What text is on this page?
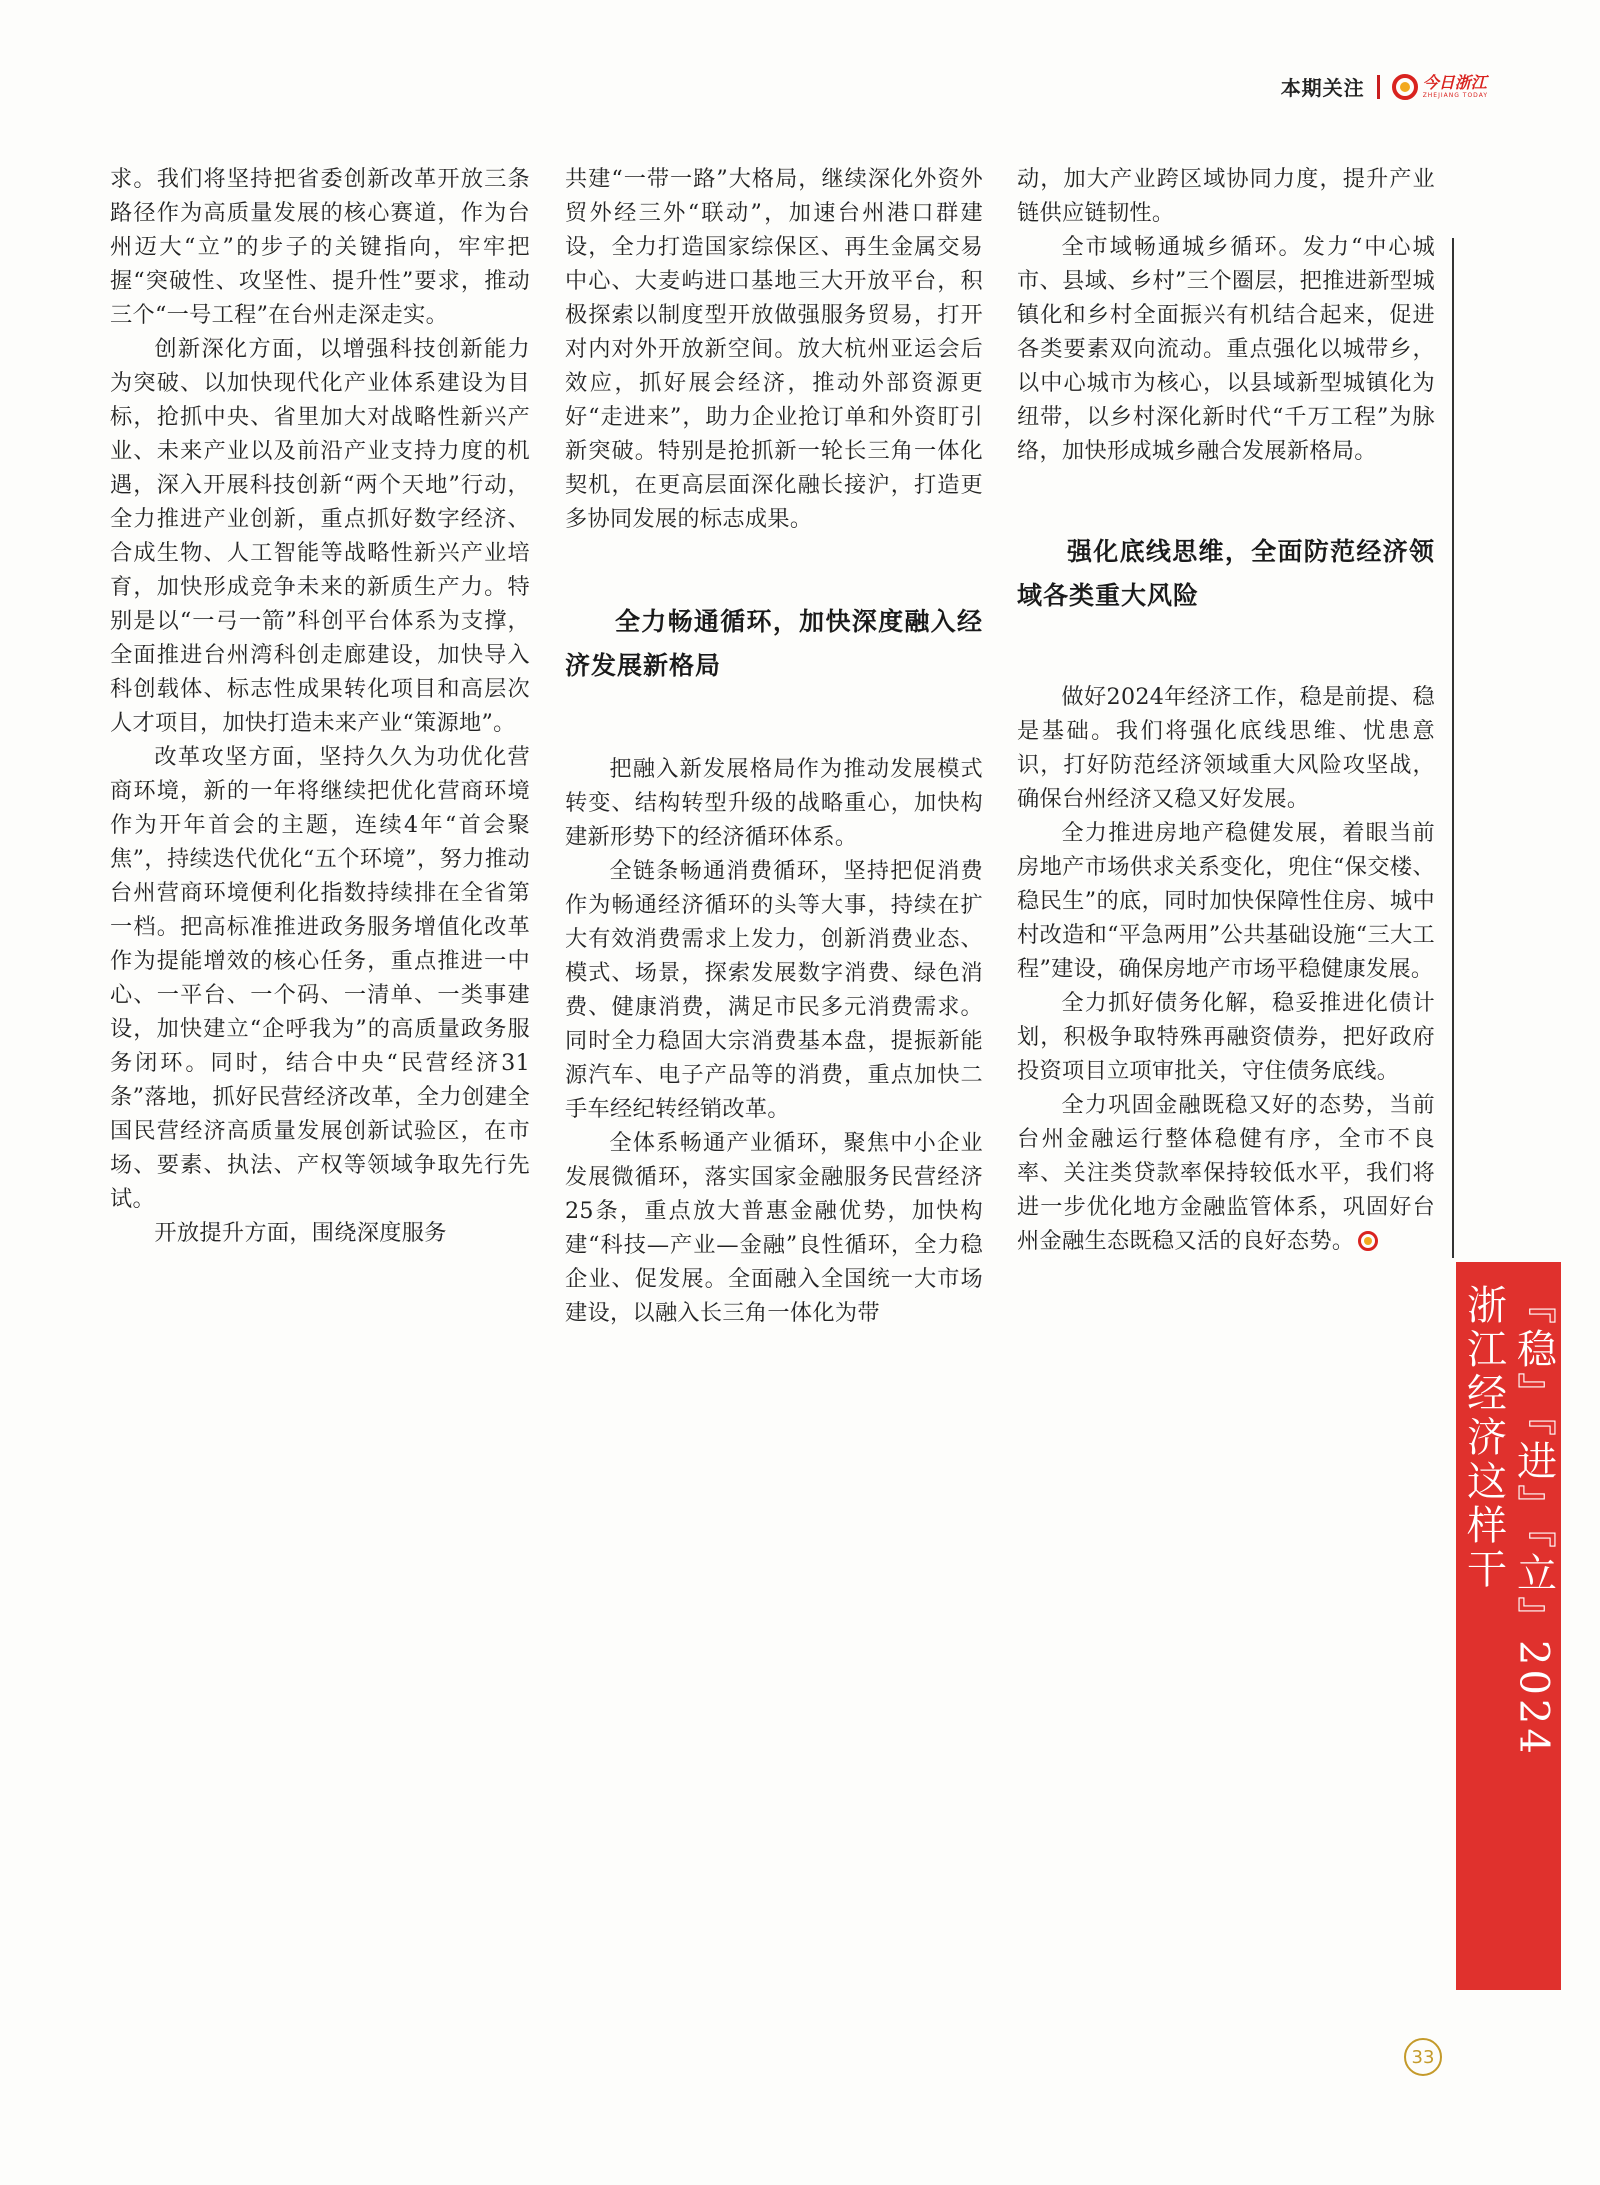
本期关注	今日浙江
ZHEJIANG TODAY

求。我们将坚持把省委创新改革开放三条路径作为高质量发展的核心赛道，作为台州迈大“立”的步子的关键指向，牢牢把握“突破性、攻坚性、提升性”要求，推动三个“一号工程”在台州走深走实。

创新深化方面，以增强科技创新能力为突破、以加快现代化产业体系建设为目标，抢抓中央、省里加大对战略性新兴产业、未来产业以及前沿产业支持力度的机遇，深入开展科技创新“两个天地”行动，全力推进产业创新，重点抓好数字经济、合成生物、人工智能等战略性新兴产业培育，加快形成竞争未来的新质生产力。特别是以“一弓一箭”科创平台体系为支撑，全面推进台州湾科创走廊建设，加快导入科创载体、标志性成果转化项目和高层次人才项目，加快打造未来产业“策源地”。

改革攻坚方面，坚持久久为功优化营商环境，新的一年将继续把优化营商环境作为开年首会的主题，连续4年“首会聚焦”，持续迭代优化“五个环境”，努力推动台州营商环境便利化指数持续排在全省第一档。把高标准推进政务服务增值化改革作为提能增效的核心任务，重点推进一中心、一平台、一个码、一清单、一类事建设，加快建立“企呼我为”的高质量政务服务闭环。同时，结合中央“民营经济31条”落地，抓好民营经济改革，全力创建全国民营经济高质量发展创新试验区，在市场、要素、执法、产权等领域争取先行先试。

开放提升方面，围绕深度服务

共建“一带一路”大格局，继续深化外资外贸外经三外“联动”，加速台州港口群建设，全力打造国家综保区、再生金属交易中心、大麦屿进口基地三大开放平台，积极探索以制度型开放做强服务贸易，打开对内对外开放新空间。放大杭州亚运会后效应，抓好展会经济，推动外部资源更好“走进来”，助力企业抢订单和外资盯引新突破。特别是抢抓新一轮长三角一体化契机，在更高层面深化融长接沪，打造更多协同发展的标志成果。

全力畅通循环，加快深度融入经济发展新格局

把融入新发展格局作为推动发展模式转变、结构转型升级的战略重心，加快构建新形势下的经济循环体系。

全链条畅通消费循环，坚持把促消费作为畅通经济循环的头等大事，持续在扩大有效消费需求上发力，创新消费业态、模式、场景，探索发展数字消费、绿色消费、健康消费，满足市民多元消费需求。同时全力稳固大宗消费基本盘，提振新能源汽车、电子产品等的消费，重点加快二手车经纪转经销改革。

全体系畅通产业循环，聚焦中小企业发展微循环，落实国家金融服务民营经济25条，重点放大普惠金融优势，加快构建“科技—产业—金融”良性循环，全力稳企业、促发展。全面融入全国统一大市场建设，以融入长三角一体化为带

动，加大产业跨区域协同力度，提升产业链供应链韧性。

全市域畅通城乡循环。发力“中心城市、县域、乡村”三个圈层，把推进新型城镇化和乡村全面振兴有机结合起来，促进各类要素双向流动。重点强化以城带乡，以中心城市为核心，以县域新型城镇化为纽带，以乡村深化新时代“千万工程”为脉络，加快形成城乡融合发展新格局。

强化底线思维，全面防范经济领域各类重大风险

做好2024年经济工作，稳是前提、稳是基础。我们将强化底线思维、忧患意识，打好防范经济领域重大风险攻坚战，确保台州经济又稳又好发展。

全力推进房地产稳健发展，着眼当前房地产市场供求关系变化，兜住“保交楼、稳民生”的底，同时加快保障性住房、城中村改造和“平急两用”公共基础设施“三大工程”建设，确保房地产市场平稳健康发展。

全力抓好债务化解，稳妥推进化债计划，积极争取特殊再融资债券，把好政府投资项目立项审批关，守住债务底线。

全力巩固金融既稳又好的态势，当前台州金融运行整体稳健有序，全市不良率、关注类贷款率保持较低水平，我们将进一步优化地方金融监管体系，巩固好台州金融生态既稳又活的良好态势。

『稳』『进』『立』2024
浙江经济这样干
33
